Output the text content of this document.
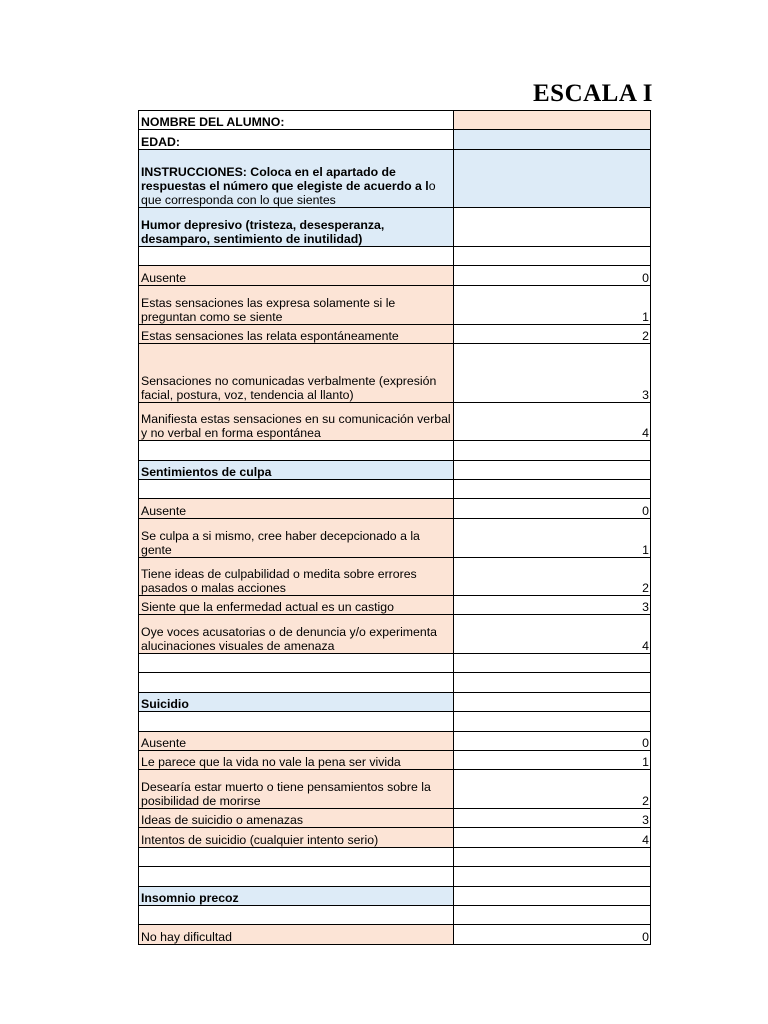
ESCALA I
NOMBRE DEL ALUMNO:	
EDAD:	
INSTRUCCIONES: Coloca en el apartado de respuestas el número que elegiste de acuerdo a lo que corresponda con lo que sientes	
Humor depresivo (tristeza, desesperanza, desamparo, sentimiento de inutilidad)	

Ausente	0
Estas sensaciones las expresa solamente si le preguntan como se siente	1
Estas sensaciones las relata espontáneamente	2
Sensaciones no comunicadas verbalmente (expresión facial, postura, voz, tendencia al llanto)	3
Manifiesta estas sensaciones en su comunicación verbal y no verbal en forma espontánea	4

Sentimientos de culpa	

Ausente	0
Se culpa a si mismo, cree haber decepcionado a la gente	1
Tiene ideas de culpabilidad o medita sobre errores pasados o malas acciones	2
Siente que la enfermedad actual es un castigo	3
Oye voces acusatorias o de denuncia y/o experimenta alucinaciones visuales de amenaza	4

Suicidio	

Ausente	0
Le parece que la vida no vale la pena ser vivida	1
Desearía estar muerto o tiene pensamientos sobre la posibilidad de morirse	2
Ideas de suicidio o amenazas	3
Intentos de suicidio (cualquier intento serio)	4

Insomnio precoz	

No hay dificultad	0
